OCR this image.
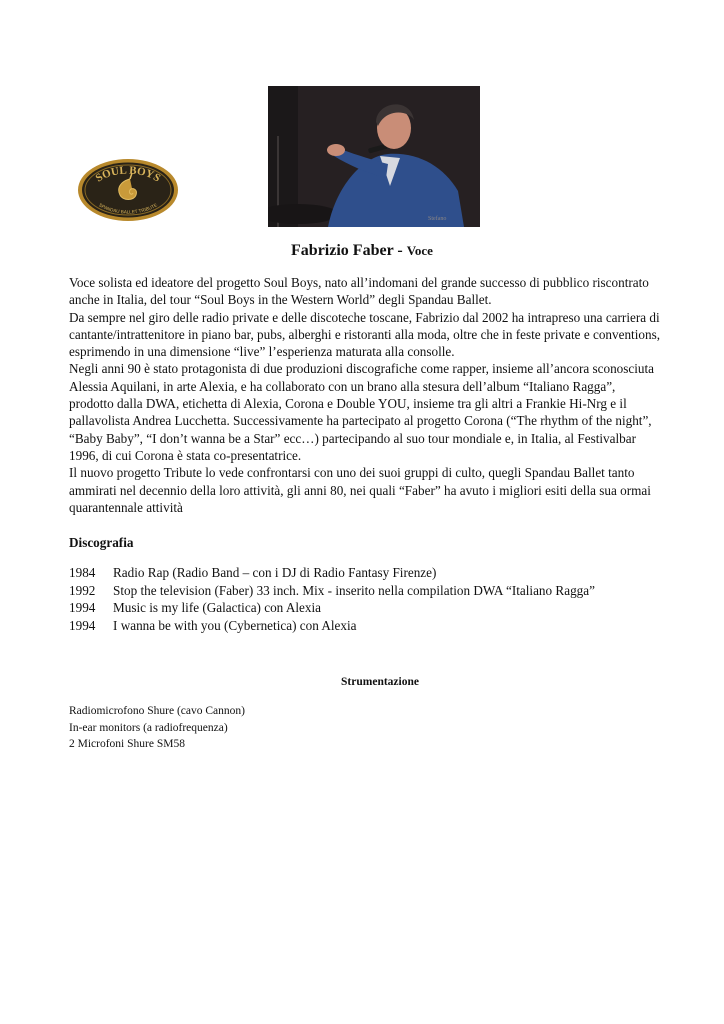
SOUL BOYS
SPANDAU BALLET TRIBUTE
Stefano
Fabrizio Faber - Voce
Voce solista ed ideatore del progetto Soul Boys, nato all’indomani del grande successo di pubblico riscontrato anche in Italia, del tour “Soul Boys in the Western World” degli Spandau Ballet.
Da sempre nel giro delle radio private e delle discoteche toscane, Fabrizio dal 2002 ha intrapreso una carriera di cantante/intrattenitore in piano bar, pubs, alberghi e ristoranti alla moda, oltre che in feste private e conventions, esprimendo in una dimensione “live” l’esperienza maturata alla consolle.
Negli anni 90 è stato protagonista di due produzioni discografiche come rapper, insieme all’ancora sconosciuta Alessia Aquilani, in arte Alexia, e ha collaborato con un brano alla stesura dell’album “Italiano Ragga”, prodotto dalla DWA, etichetta di Alexia, Corona e Double YOU, insieme tra gli altri a Frankie Hi-Nrg e il pallavolista Andrea Lucchetta. Successivamente ha partecipato al progetto Corona (“The rhythm of the night”, “Baby Baby”, “I don’t wanna be a Star” ecc…) partecipando al suo tour mondiale e, in Italia, al Festivalbar 1996, di cui Corona è stata co-presentatrice.
Il nuovo progetto Tribute lo vede confrontarsi con uno dei suoi gruppi di culto, quegli Spandau Ballet tanto ammirati nel decennio della loro attività, gli anni 80, nei quali “Faber” ha avuto i migliori esiti della sua ormai quarantennale attività
Discografia
1984	Radio Rap (Radio Band – con i DJ di Radio Fantasy Firenze)
1992	Stop the television (Faber) 33 inch. Mix - inserito nella compilation DWA “Italiano Ragga”
1994	Music is my life (Galactica) con Alexia
1994	I wanna be with you (Cybernetica) con Alexia
Strumentazione
Radiomicrofono Shure (cavo Cannon)
In-ear monitors (a radiofrequenza)
2 Microfoni Shure SM58
